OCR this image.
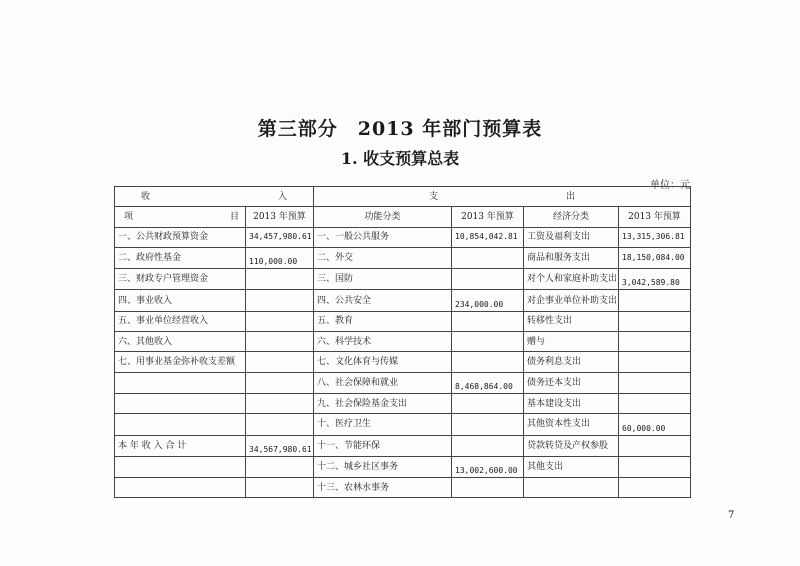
第三部分　2013 年部门预算表
1. 收支预算总表
单位：元
收 入		支 出			
项 目	2013 年预算	功能分类	2013 年预算	经济分类	2013 年预算
一、公共财政预算资金	34,457,980.61	一、一般公共服务	10,854,042.81	工资及福利支出	13,315,306.81
二、政府性基金	110,000.00	二、外交		商品和服务支出	18,150,084.00
三、财政专户管理资金		三、国防		对个人和家庭补助支出	3,042,589.80
四、事业收入		四、公共安全	234,000.00	对企事业单位补助支出	
五、事业单位经营收入		五、教育		转移性支出	
六、其他收入		六、科学技术		赠与	
七、用事业基金弥补收支差额		七、文化体育与传媒		债务利息支出	
		八、社会保障和就业	8,468,864.00	债务还本支出	
		九、社会保险基金支出		基本建设支出	
		十、医疗卫生		其他资本性支出	60,000.00
本 年 收 入 合 计	34,567,980.61	十一、节能环保		贷款转贷及产权参股	
		十二、城乡社区事务	13,002,600.00	其他支出	
		十三、农林水事务			
7
